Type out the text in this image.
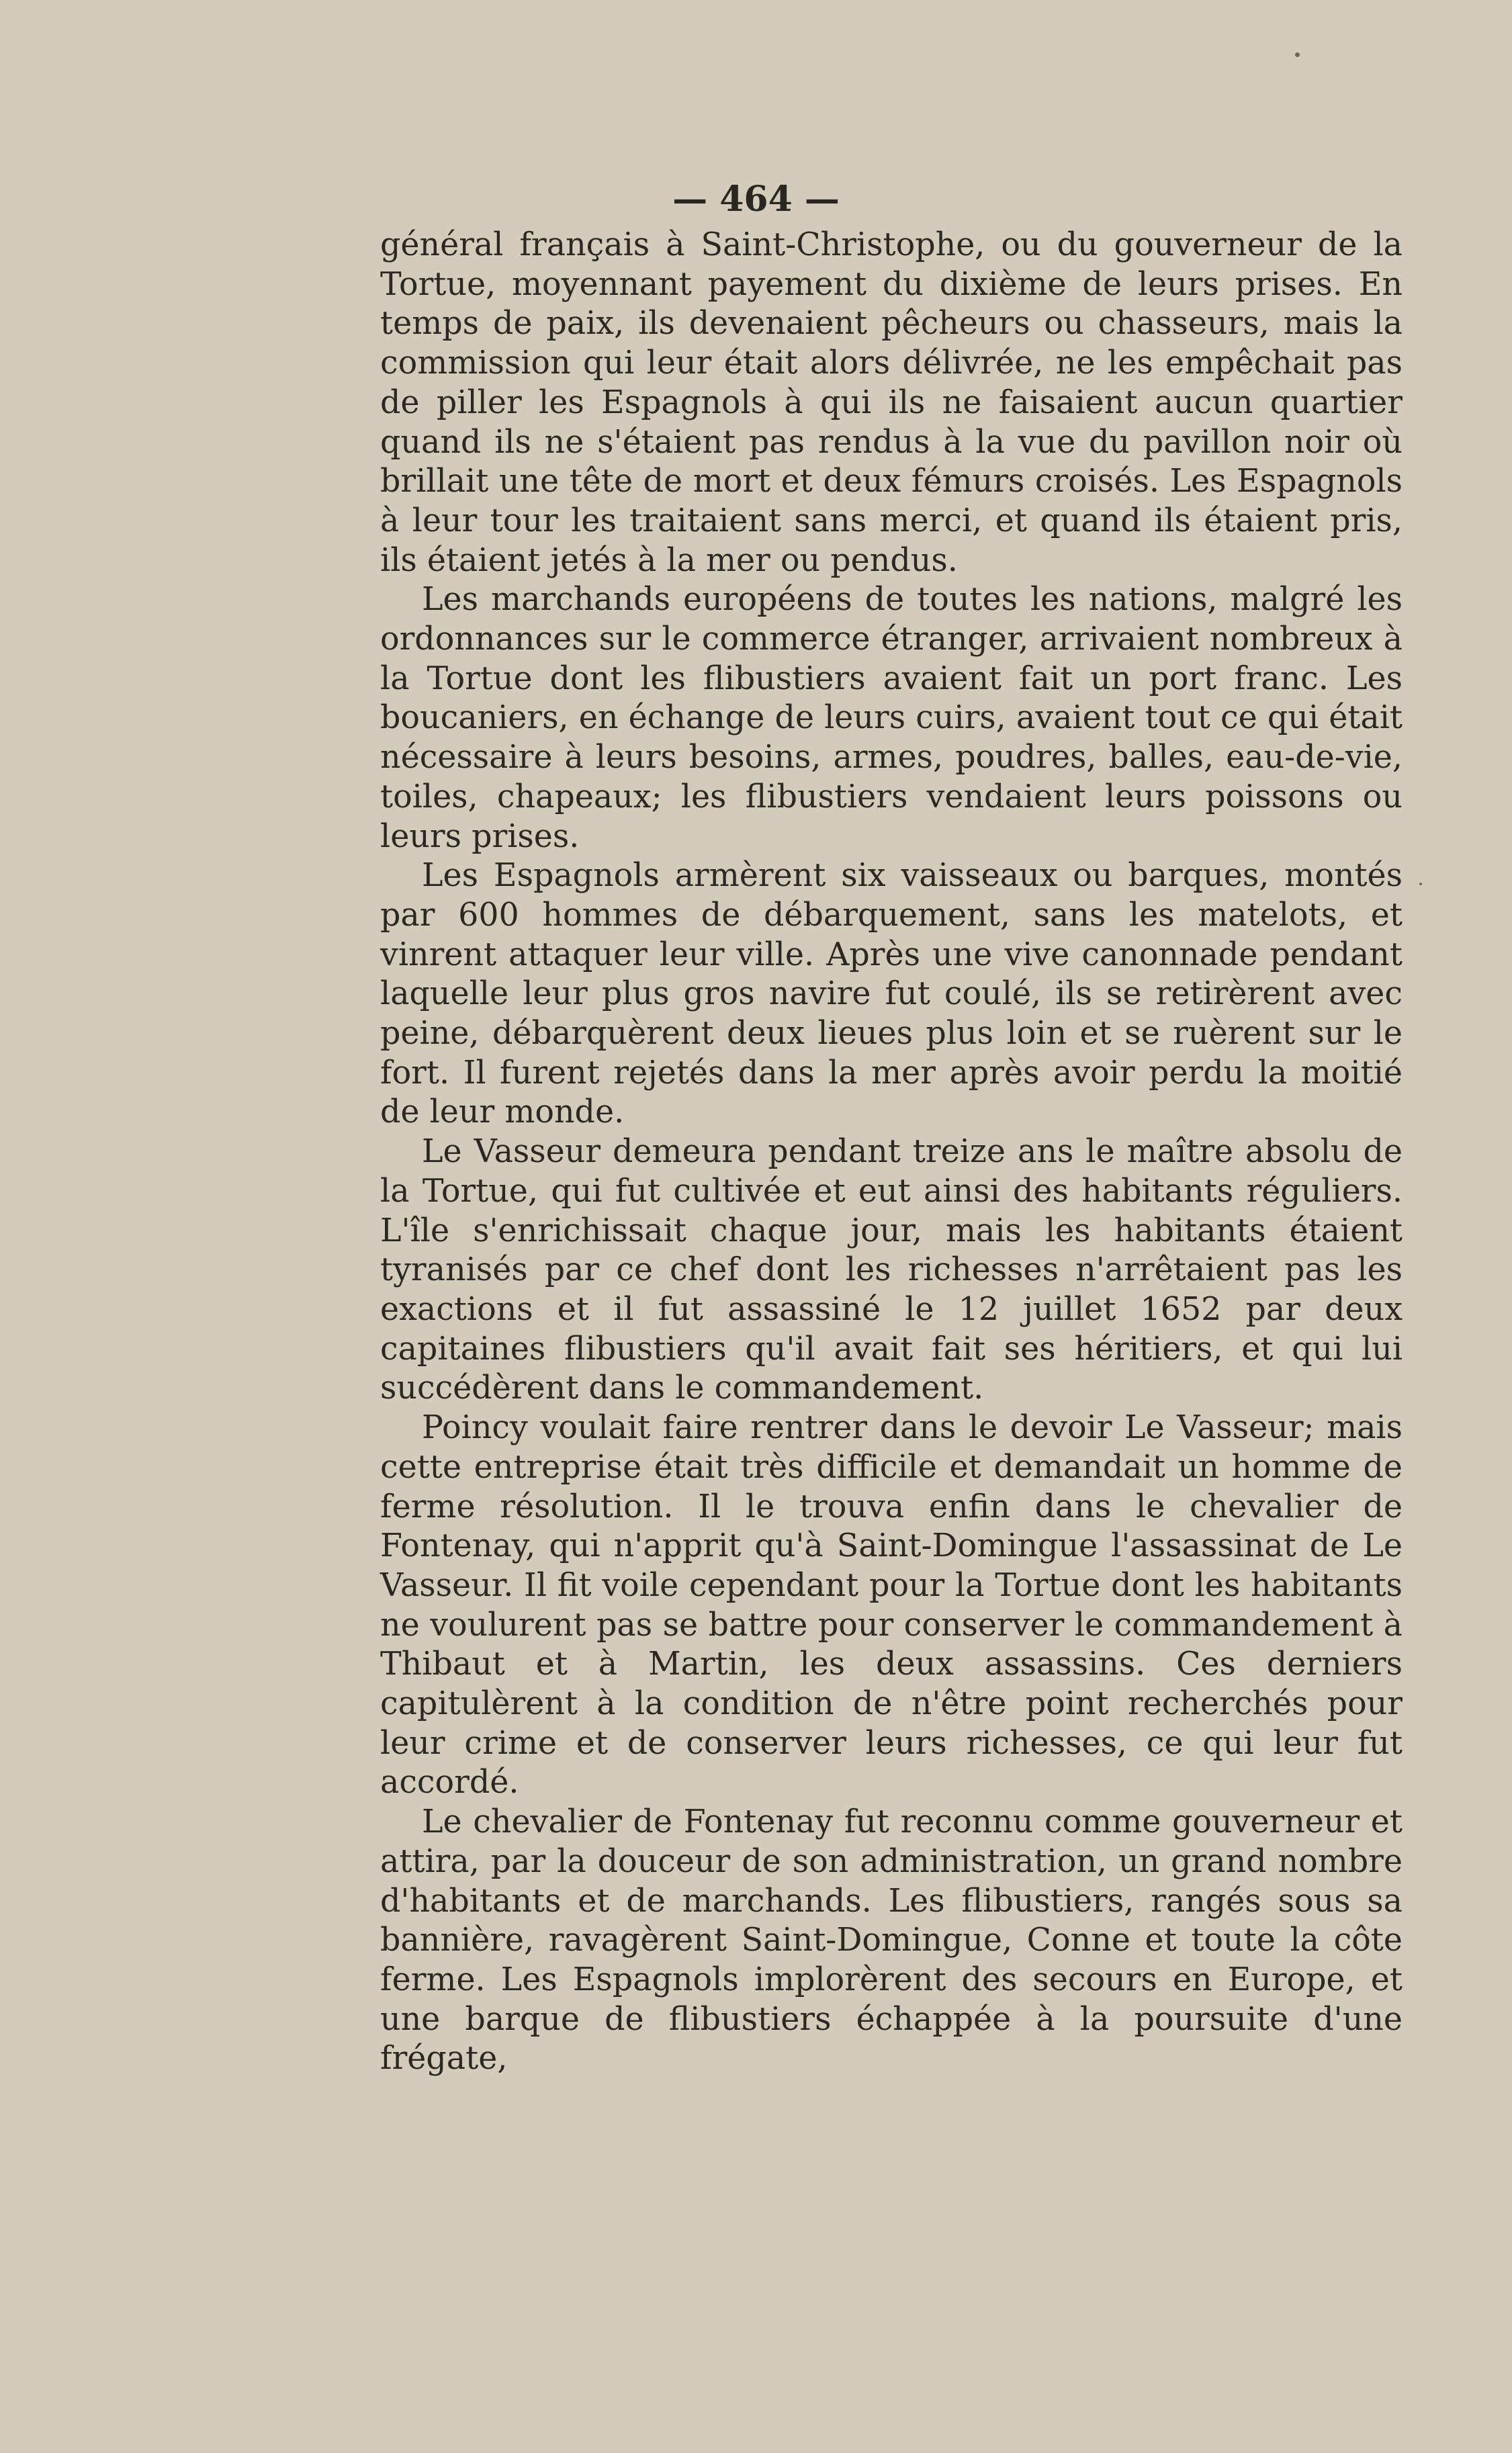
— 464 —

général français à Saint-Christophe, ou du gouverneur de la Tortue, moyennant payement du dixième de leurs prises. En temps de paix, ils devenaient pêcheurs ou chasseurs, mais la commission qui leur était alors délivrée, ne les empêchait pas de piller les Espagnols à qui ils ne faisaient aucun quartier quand ils ne s'étaient pas rendus à la vue du pavillon noir où brillait une tête de mort et deux fémurs croisés. Les Espagnols à leur tour les traitaient sans merci, et quand ils étaient pris, ils étaient jetés à la mer ou pendus.

Les marchands européens de toutes les nations, malgré les ordonnances sur le commerce étranger, arrivaient nombreux à la Tortue dont les flibustiers avaient fait un port franc. Les boucaniers, en échange de leurs cuirs, avaient tout ce qui était nécessaire à leurs besoins, armes, poudres, balles, eau-de-vie, toiles, chapeaux; les flibustiers vendaient leurs poissons ou leurs prises.

Les Espagnols armèrent six vaisseaux ou barques, montés par 600 hommes de débarquement, sans les matelots, et vinrent attaquer leur ville. Après une vive canonnade pendant laquelle leur plus gros navire fut coulé, ils se retirèrent avec peine, débarquèrent deux lieues plus loin et se ruèrent sur le fort. Il furent rejetés dans la mer après avoir perdu la moitié de leur monde.

Le Vasseur demeura pendant treize ans le maître absolu de la Tortue, qui fut cultivée et eut ainsi des habitants réguliers. L'île s'enrichissait chaque jour, mais les habitants étaient tyranisés par ce chef dont les richesses n'arrêtaient pas les exactions et il fut assassiné le 12 juillet 1652 par deux capitaines flibustiers qu'il avait fait ses héritiers, et qui lui succédèrent dans le commandement.

Poincy voulait faire rentrer dans le devoir Le Vasseur; mais cette entreprise était très difficile et demandait un homme de ferme résolution. Il le trouva enfin dans le chevalier de Fontenay, qui n'apprit qu'à Saint-Domingue l'assassinat de Le Vasseur. Il fit voile cependant pour la Tortue dont les habitants ne voulurent pas se battre pour conserver le commandement à Thibaut et à Martin, les deux assassins. Ces derniers capitulèrent à la condition de n'être point recherchés pour leur crime et de conserver leurs richesses, ce qui leur fut accordé.

Le chevalier de Fontenay fut reconnu comme gouverneur et attira, par la douceur de son administration, un grand nombre d'habitants et de marchands. Les flibustiers, rangés sous sa bannière, ravagèrent Saint-Domingue, Conne et toute la côte ferme. Les Espagnols implorèrent des secours en Europe, et une barque de flibustiers échappée à la poursuite d'une frégate,
